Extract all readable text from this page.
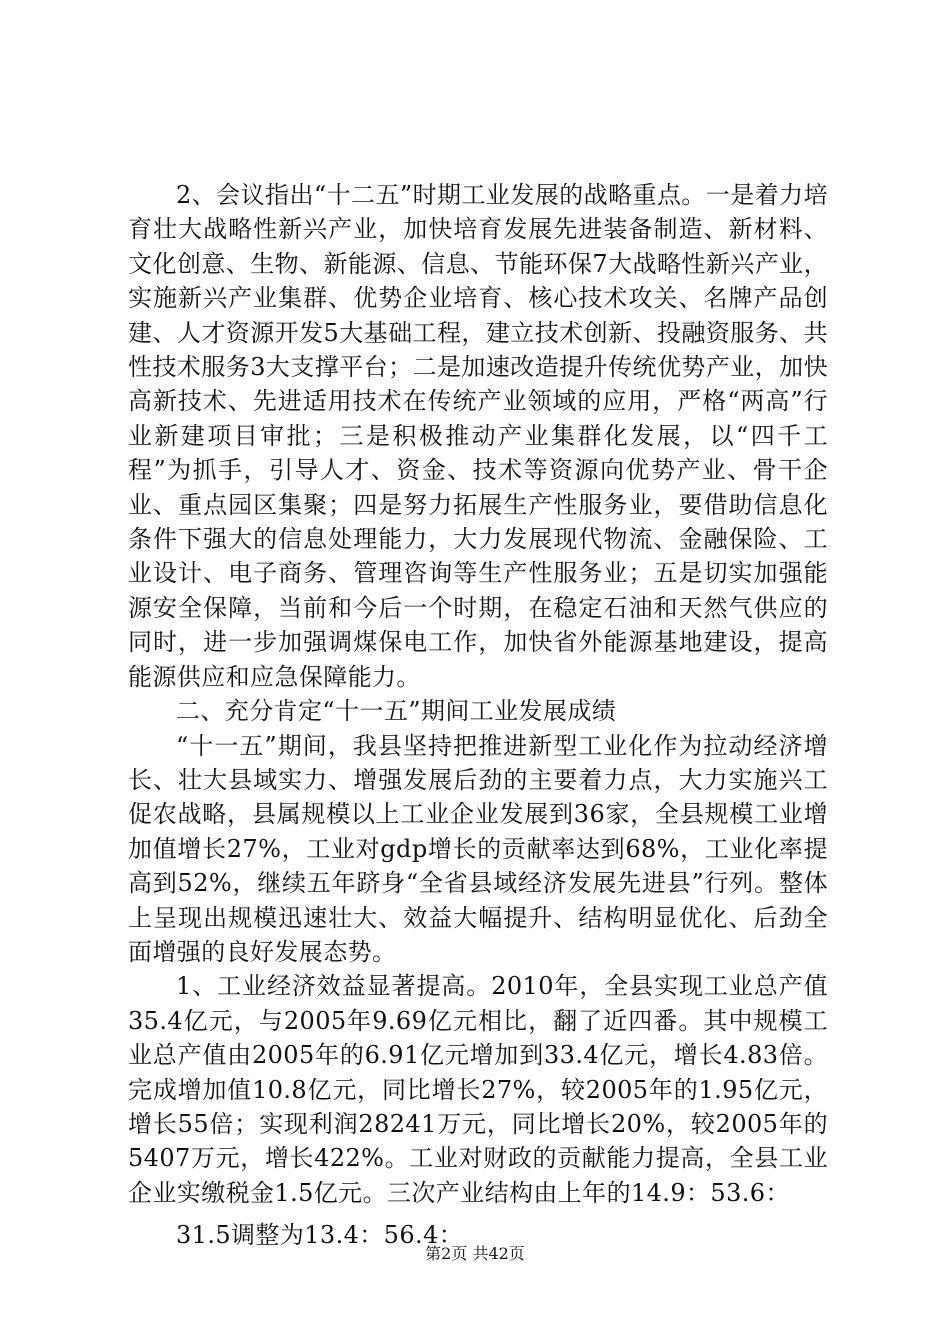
2、会议指出“十二五”时期工业发展的战略重点。一是着力培育壮大战略性新兴产业，加快培育发展先进装备制造、新材料、文化创意、生物、新能源、信息、节能环保7大战略性新兴产业，实施新兴产业集群、优势企业培育、核心技术攻关、名牌产品创建、人才资源开发5大基础工程，建立技术创新、投融资服务、共性技术服务3大支撑平台；二是加速改造提升传统优势产业，加快高新技术、先进适用技术在传统产业领域的应用，严格“两高”行业新建项目审批；三是积极推动产业集群化发展，以“四千工程”为抓手，引导人才、资金、技术等资源向优势产业、骨干企业、重点园区集聚；四是努力拓展生产性服务业，要借助信息化条件下强大的信息处理能力，大力发展现代物流、金融保险、工业设计、电子商务、管理咨询等生产性服务业；五是切实加强能源安全保障，当前和今后一个时期，在稳定石油和天然气供应的同时，进一步加强调煤保电工作，加快省外能源基地建设，提高能源供应和应急保障能力。

二、充分肯定“十一五”期间工业发展成绩

“十一五”期间，我县坚持把推进新型工业化作为拉动经济增长、壮大县域实力、增强发展后劲的主要着力点，大力实施兴工促农战略，县属规模以上工业企业发展到36家，全县规模工业增加值增长27%，工业对gdp增长的贡献率达到68%，工业化率提高到52%，继续五年跻身“全省县域经济发展先进县”行列。整体上呈现出规模迅速壮大、效益大幅提升、结构明显优化、后劲全面增强的良好发展态势。

1、工业经济效益显著提高。2010年，全县实现工业总产值35.4亿元，与2005年9.69亿元相比，翻了近四番。其中规模工业总产值由2005年的6.91亿元增加到33.4亿元，增长4.83倍。完成增加值10.8亿元，同比增长27%，较2005年的1.95亿元，增长55倍；实现利润28241万元，同比增长20%，较2005年的5407万元，增长422%。工业对财政的贡献能力提高，全县工业企业实缴税金1.5亿元。三次产业结构由上年的14.9：53.6：

31.5调整为13.4：56.4：

第2页 共42页
